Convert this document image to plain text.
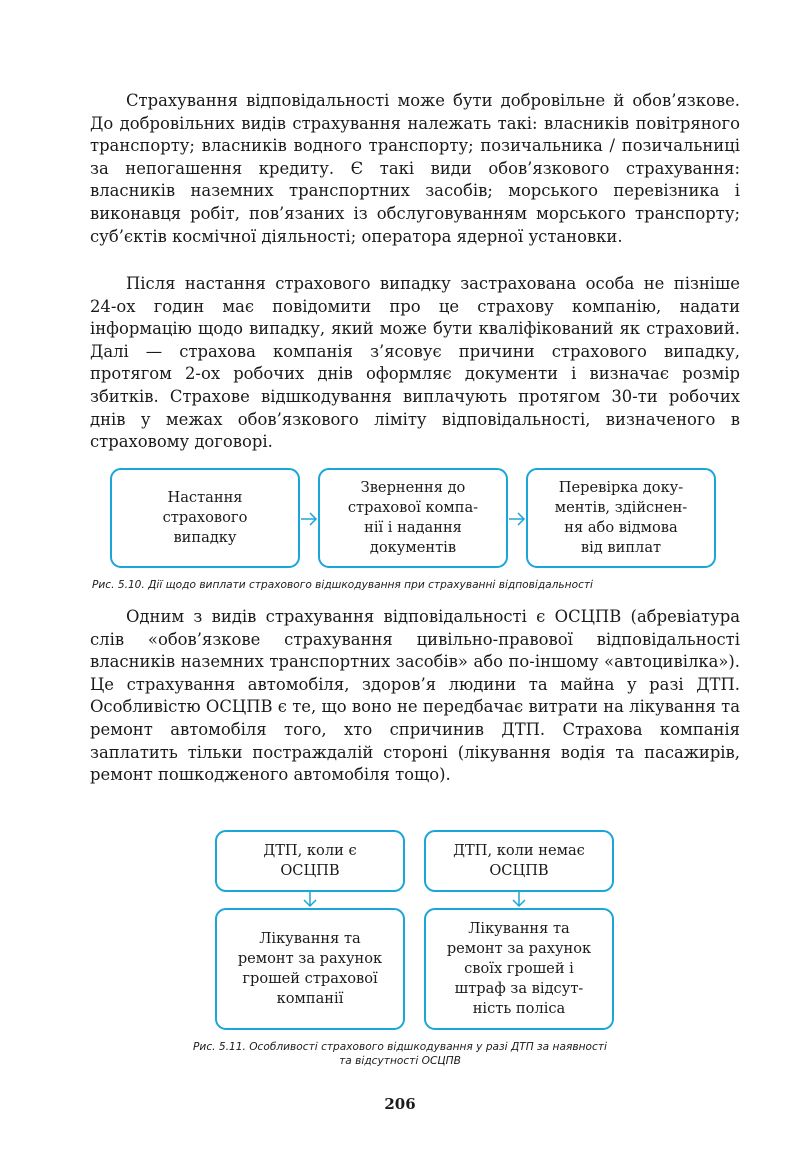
Страхування відповідальності може бути добровільне й обов’язкове. До добровільних видів страхування належать такі: власників повітряного транспорту; власників водного транспорту; позичальника / позичальниці за непогашення кредиту. Є такі види обов’язкового страхування: власників наземних транспортних засобів; морського перевізника і виконавця робіт, пов’язаних із обслуговуванням морського транспорту; суб’єктів космічної діяльності; оператора ядерної установки.

Після настання страхового випадку застрахована особа не пізніше 24-ох годин має повідомити про це страхову компанію, надати інформацію щодо випадку, який може бути кваліфікований як страховий. Далі — страхова компанія з’ясовує причини страхового випадку, протягом 2-ох робочих днів оформляє документи і визначає розмір збитків. Страхове відшкодування виплачують протягом 30-ти робочих днів у межах обов’язкового ліміту відповідальності, визначеного в страховому договорі.

Настання
страхового
випадку
Звернення до
страхової компа-
нії і надання
документів
Перевірка доку-
ментів, здійснен-
ня або відмова
від виплат

Рис. 5.10. Дії щодо виплати страхового відшкодування при страхуванні відповідальності

Одним з видів страхування відповідальності є ОСЦПВ (абревіатура слів «обов’язкове страхування цивільно-правової відповідальності власників наземних транспортних засобів» або по-іншому «автоцивілка»). Це страхування автомобіля, здоров’я людини та майна у разі ДТП. Особливістю ОСЦПВ є те, що воно не передбачає витрати на лікування та ремонт автомобіля того, хто спричинив ДТП. Страхова компанія заплатить тільки постраждалій стороні (лікування водія та пасажирів, ремонт пошкодженого автомобіля тощо).

ДТП, коли є
ОСЦПВ
ДТП, коли немає
ОСЦПВ
Лікування та
ремонт за рахунок
грошей страхової
компанії
Лікування та
ремонт за рахунок
своїх грошей і
штраф за відсут-
ність поліса

Рис. 5.11. Особливості страхового відшкодування у разі ДТП за наявності
та відсутності ОСЦПВ

206
